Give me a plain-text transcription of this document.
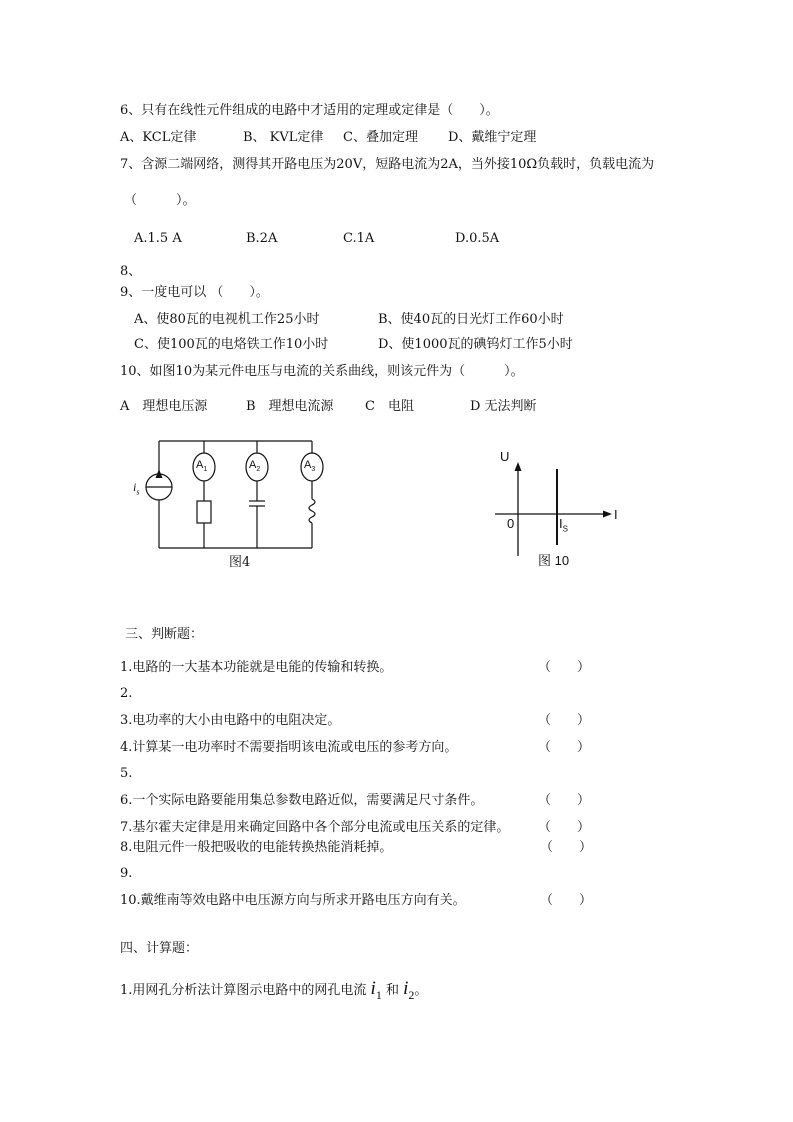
6、只有在线性元件组成的电路中才适用的定理或定律是（　　）。
A、KCL定律	B、 KVL定律 C、叠加定理 D、戴维宁定理
7、含源二端网络，测得其开路电压为20V，短路电流为2A，当外接10Ω负载时，负载电流为
（　　　）。
A.1.5 A	B.2A	C.1A	D.0.5A
8、
9、一度电可以 （　　）。
A、使80瓦的电视机工作25小时	B、使40瓦的日光灯工作60小时
C、使100瓦的电烙铁工作10小时	D、使1000瓦的碘钨灯工作5小时
10、如图10为某元件电压与电流的关系曲线，则该元件为（　　　）。
A　理想电压源	B　理想电流源 C　电阻	D 无法判断
$i_s$
$A_1$	$A_2$	$A_3$
图4
U
I
0	$I_S$
图 10
三、判断题：
1.电路的一大基本功能就是电能的传输和转换。	（　　）
2.
3.电功率的大小由电路中的电阻决定。	（　　）
4.计算某一电功率时不需要指明该电流或电压的参考方向。	（　　）
5.
6.一个实际电路要能用集总参数电路近似，需要满足尺寸条件。	（　　）
7.基尔霍夫定律是用来确定回路中各个部分电流或电压关系的定律。 （　　）
8.电阻元件一般把吸收的电能转换热能消耗掉。	（　　）
9.
10.戴维南等效电路中电压源方向与所求开路电压方向有关。	（　　）
四、计算题：
1.用网孔分析法计算图示电路中的网孔电流 $i_1$ 和 $i_2$。
